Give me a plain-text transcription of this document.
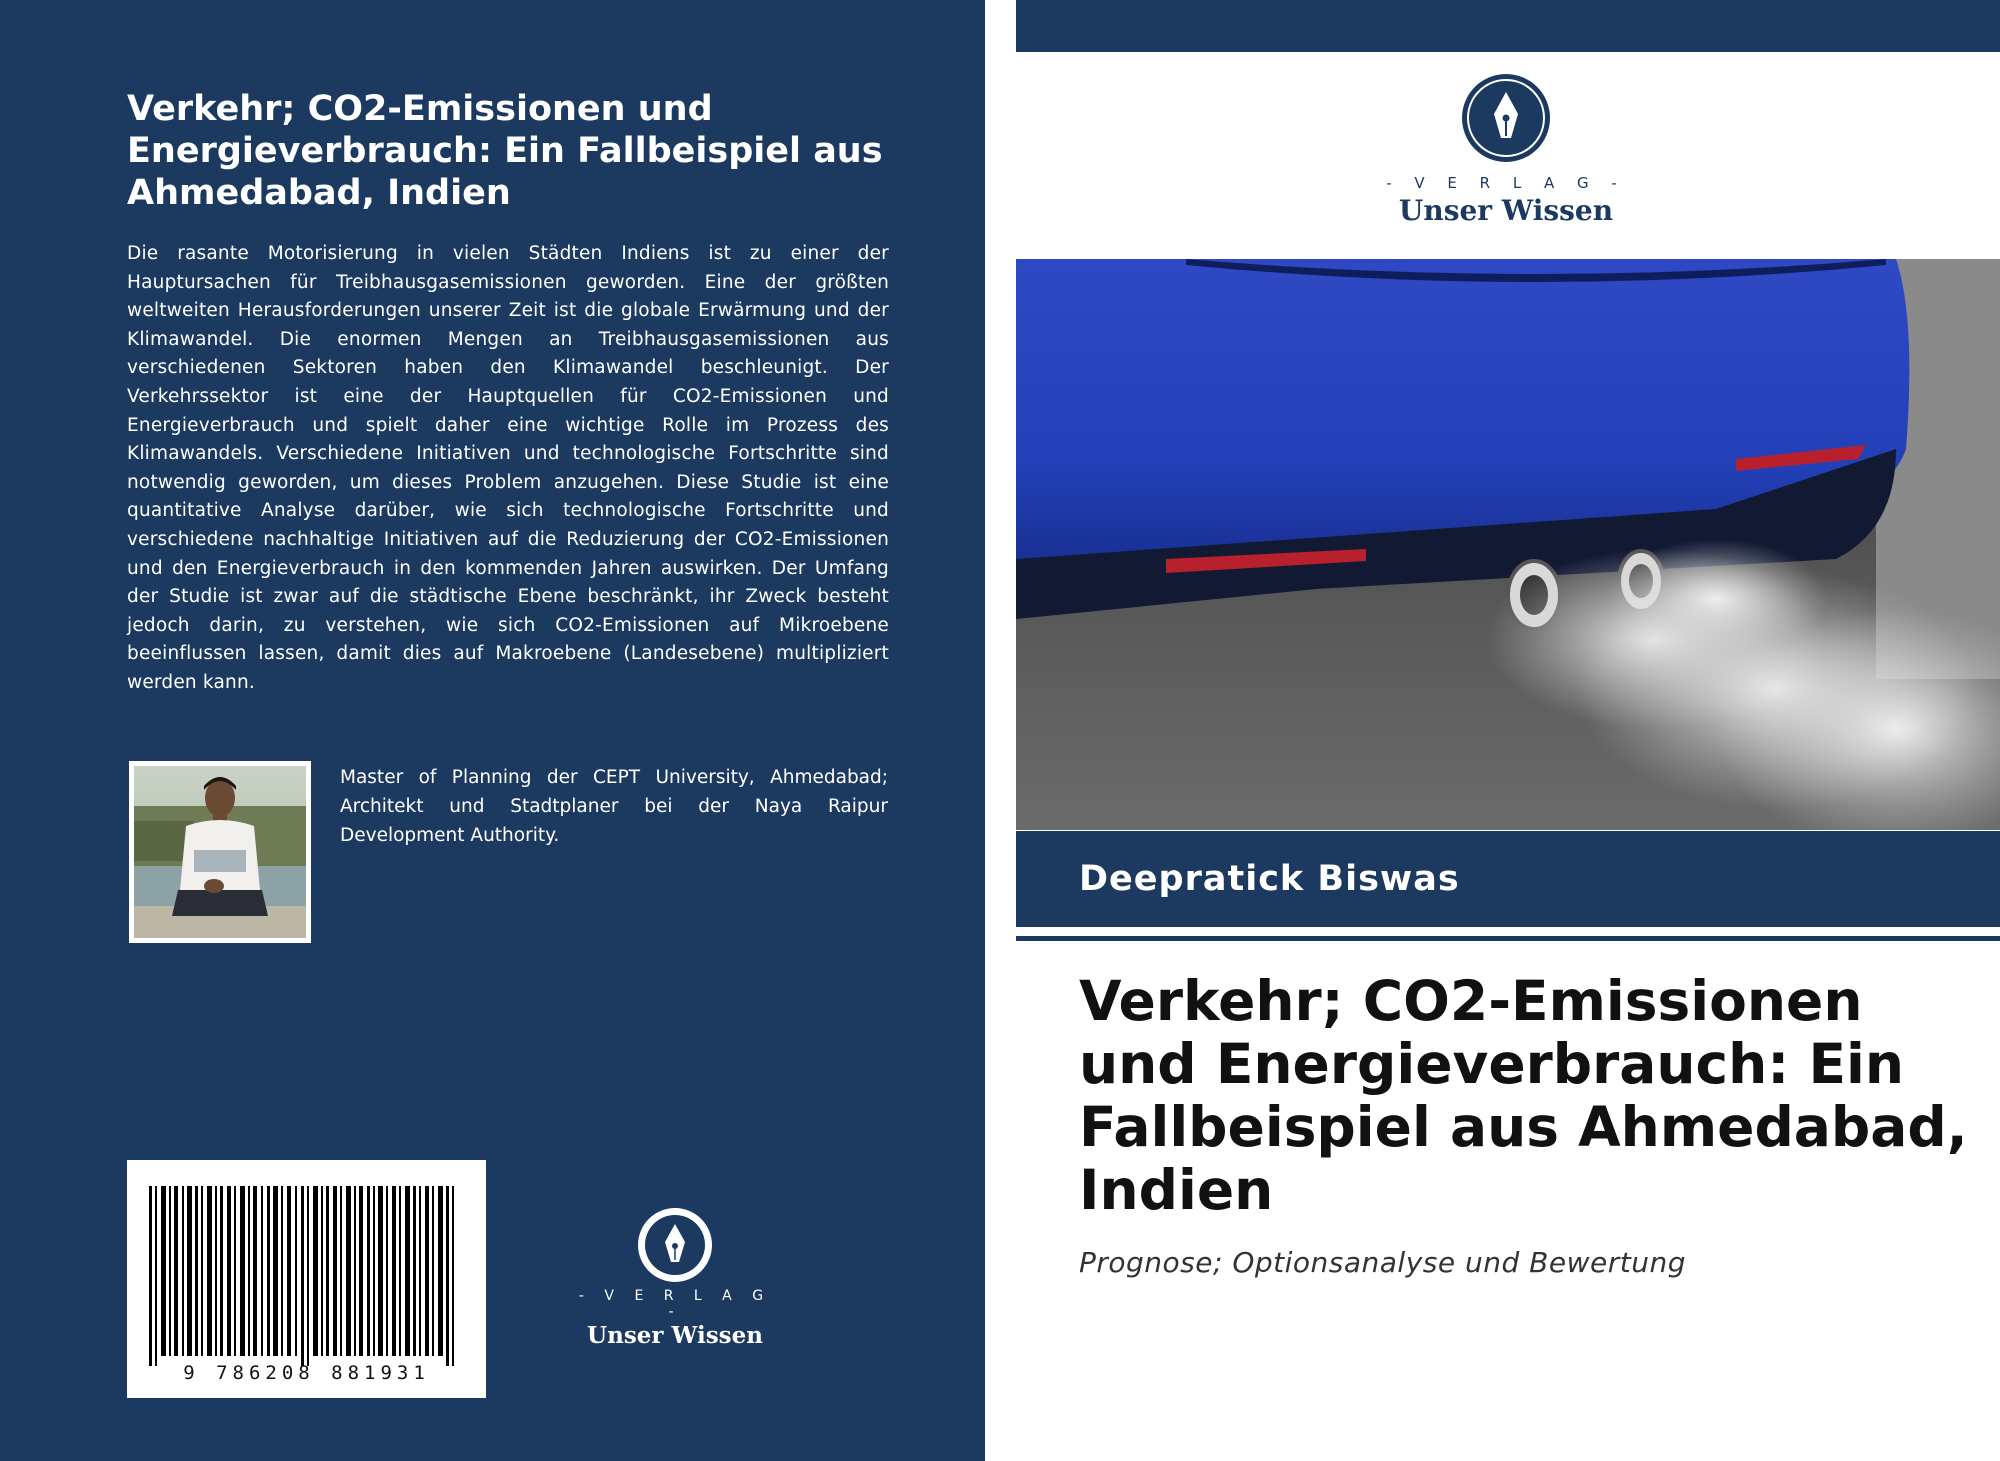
Verkehr; CO2-Emissionen und Energieverbrauch: Ein Fallbeispiel aus Ahmedabad, Indien

Die rasante Motorisierung in vielen Städten Indiens ist zu einer der Hauptursachen für Treibhausgasemissionen geworden. Eine der größten weltweiten Herausforderungen unserer Zeit ist die globale Erwärmung und der Klimawandel. Die enormen Mengen an Treibhausgasemissionen aus verschiedenen Sektoren haben den Klimawandel beschleunigt. Der Verkehrssektor ist eine der Hauptquellen für CO2-Emissionen und Energieverbrauch und spielt daher eine wichtige Rolle im Prozess des Klimawandels. Verschiedene Initiativen und technologische Fortschritte sind notwendig geworden, um dieses Problem anzugehen. Diese Studie ist eine quantitative Analyse darüber, wie sich technologische Fortschritte und verschiedene nachhaltige Initiativen auf die Reduzierung der CO2-Emissionen und den Energieverbrauch in den kommenden Jahren auswirken. Der Umfang der Studie ist zwar auf die städtische Ebene beschränkt, ihr Zweck besteht jedoch darin, zu verstehen, wie sich CO2-Emissionen auf Mikroebene beeinflussen lassen, damit dies auf Makroebene (Landesebene) multipliziert werden kann.

Master of Planning der CEPT University, Ahmedabad; Architekt und Stadtplaner bei der Naya Raipur Development Authority.

9 786208 881931
- V E R L A G -
Unser Wissen
- V E R L A G -
Unser Wissen
Deepratick Biswas
Verkehr; CO2-Emissionen und Energieverbrauch: Ein Fallbeispiel aus Ahmedabad, Indien

Prognose; Optionsanalyse und Bewertung
